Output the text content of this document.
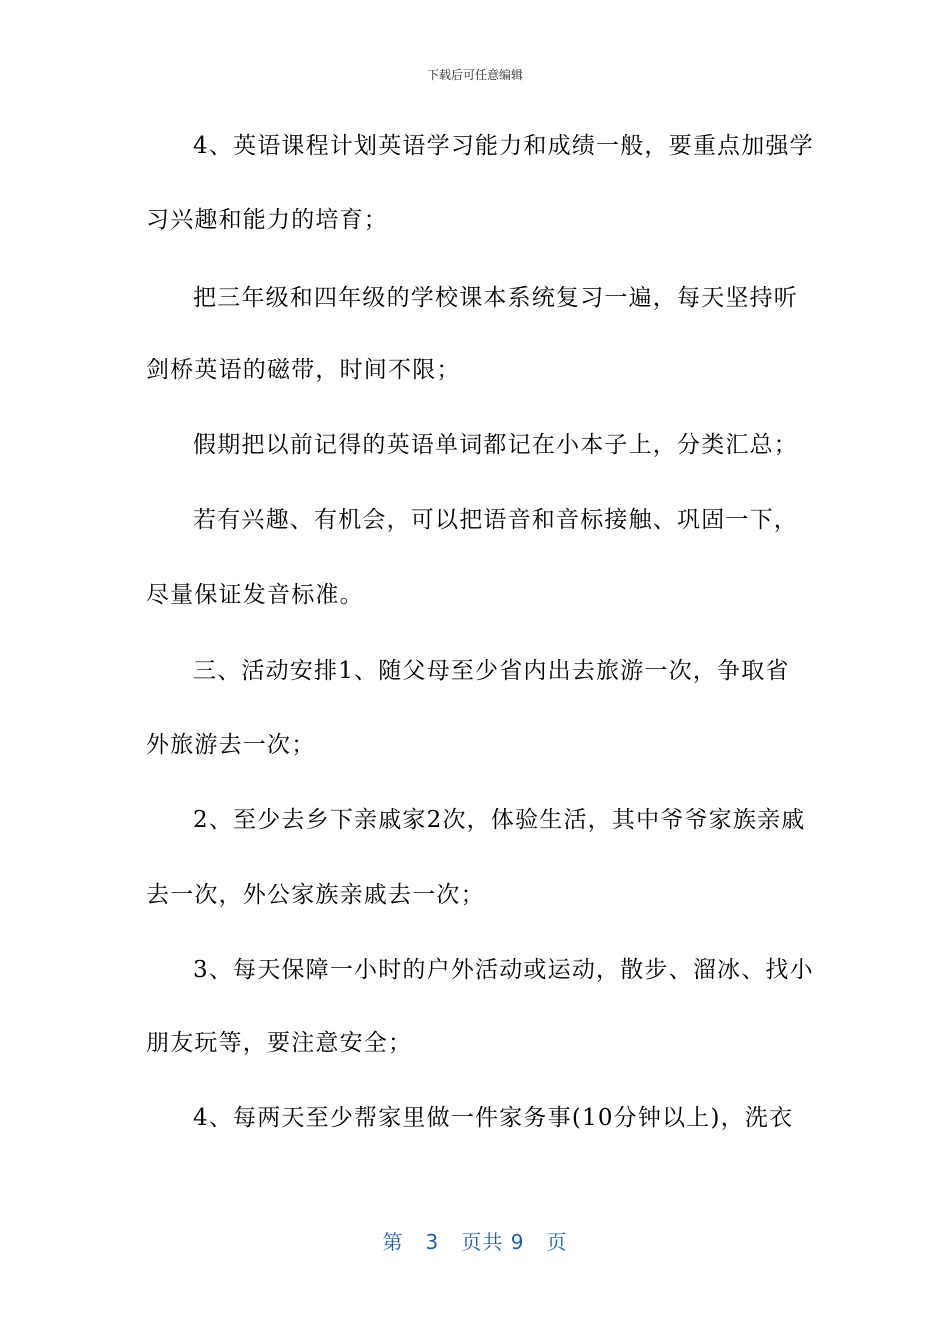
下载后可任意编辑
4、英语课程计划英语学习能力和成绩一般，要重点加强学
习兴趣和能力的培育；
把三年级和四年级的学校课本系统复习一遍，每天坚持听
剑桥英语的磁带，时间不限；
假期把以前记得的英语单词都记在小本子上，分类汇总；
若有兴趣、有机会，可以把语音和音标接触、巩固一下，
尽量保证发音标准。
三、活动安排1、随父母至少省内出去旅游一次，争取省
外旅游去一次；
2、至少去乡下亲戚家2次，体验生活，其中爷爷家族亲戚
去一次，外公家族亲戚去一次；
3、每天保障一小时的户外活动或运动，散步、溜冰、找小
朋友玩等，要注意安全；
4、每两天至少帮家里做一件家务事(10分钟以上)，洗衣
第 3 页共 9 页
